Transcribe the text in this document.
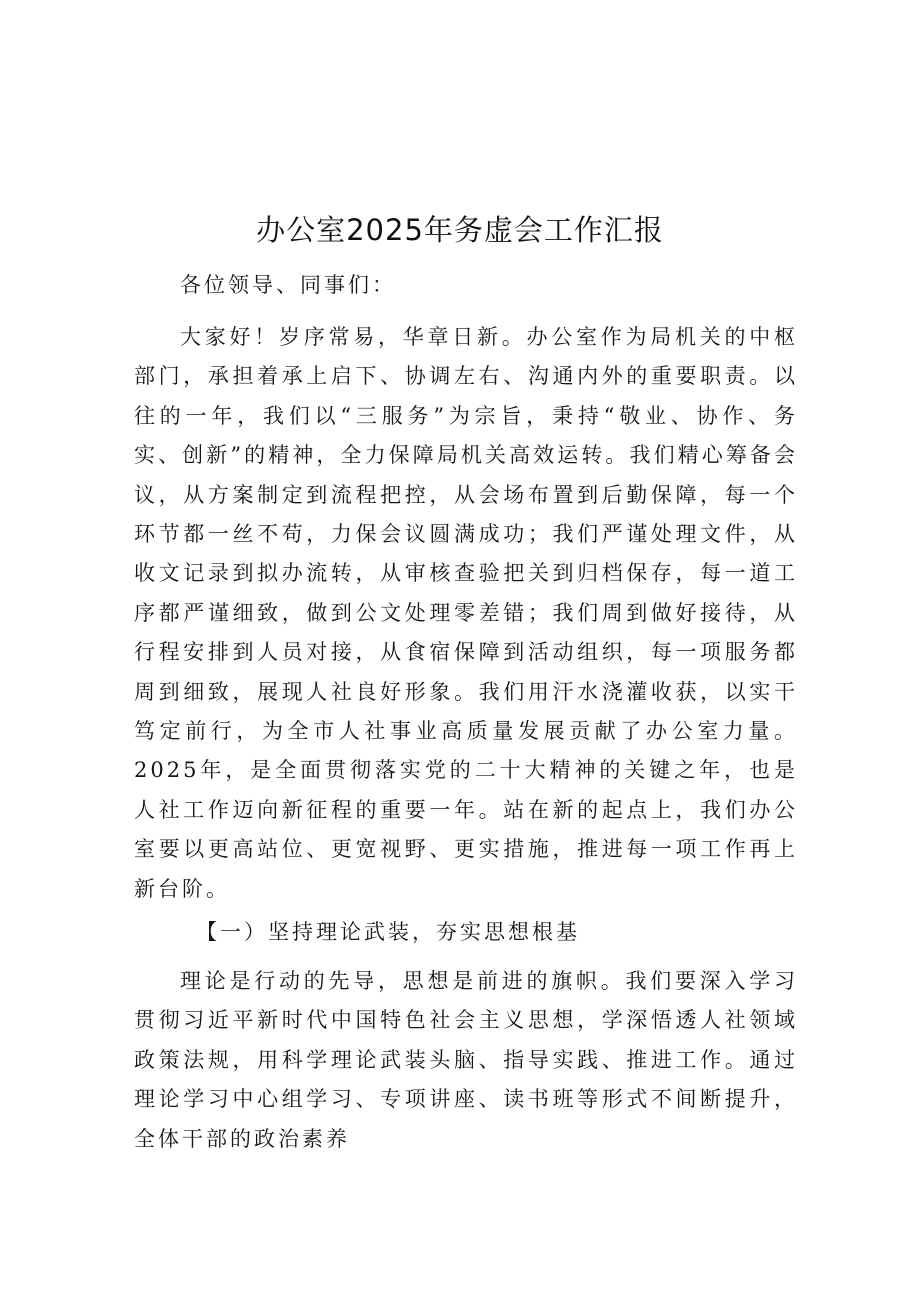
办公室2025年务虚会工作汇报

各位领导、同事们：

大家好！岁序常易，华章日新。办公室作为局机关的中枢部门，承担着承上启下、协调左右、沟通内外的重要职责。以往的一年，我们以“三服务”为宗旨，秉持“敬业、协作、务实、创新”的精神，全力保障局机关高效运转。我们精心筹备会议，从方案制定到流程把控，从会场布置到后勤保障，每一个环节都一丝不苟，力保会议圆满成功；我们严谨处理文件，从收文记录到拟办流转，从审核查验把关到归档保存，每一道工序都严谨细致，做到公文处理零差错；我们周到做好接待，从行程安排到人员对接，从食宿保障到活动组织，每一项服务都周到细致，展现人社良好形象。我们用汗水浇灌收获，以实干笃定前行，为全市人社事业高质量发展贡献了办公室力量。2025年，是全面贯彻落实党的二十大精神的关键之年，也是人社工作迈向新征程的重要一年。站在新的起点上，我们办公室要以更高站位、更宽视野、更实措施，推进每一项工作再上新台阶。

【一）坚持理论武装，夯实思想根基

理论是行动的先导，思想是前进的旗帜。我们要深入学习贯彻习近平新时代中国特色社会主义思想，学深悟透人社领域政策法规，用科学理论武装头脑、指导实践、推进工作。通过理论学习中心组学习、专项讲座、读书班等形式不间断提升，全体干部的政治素养
